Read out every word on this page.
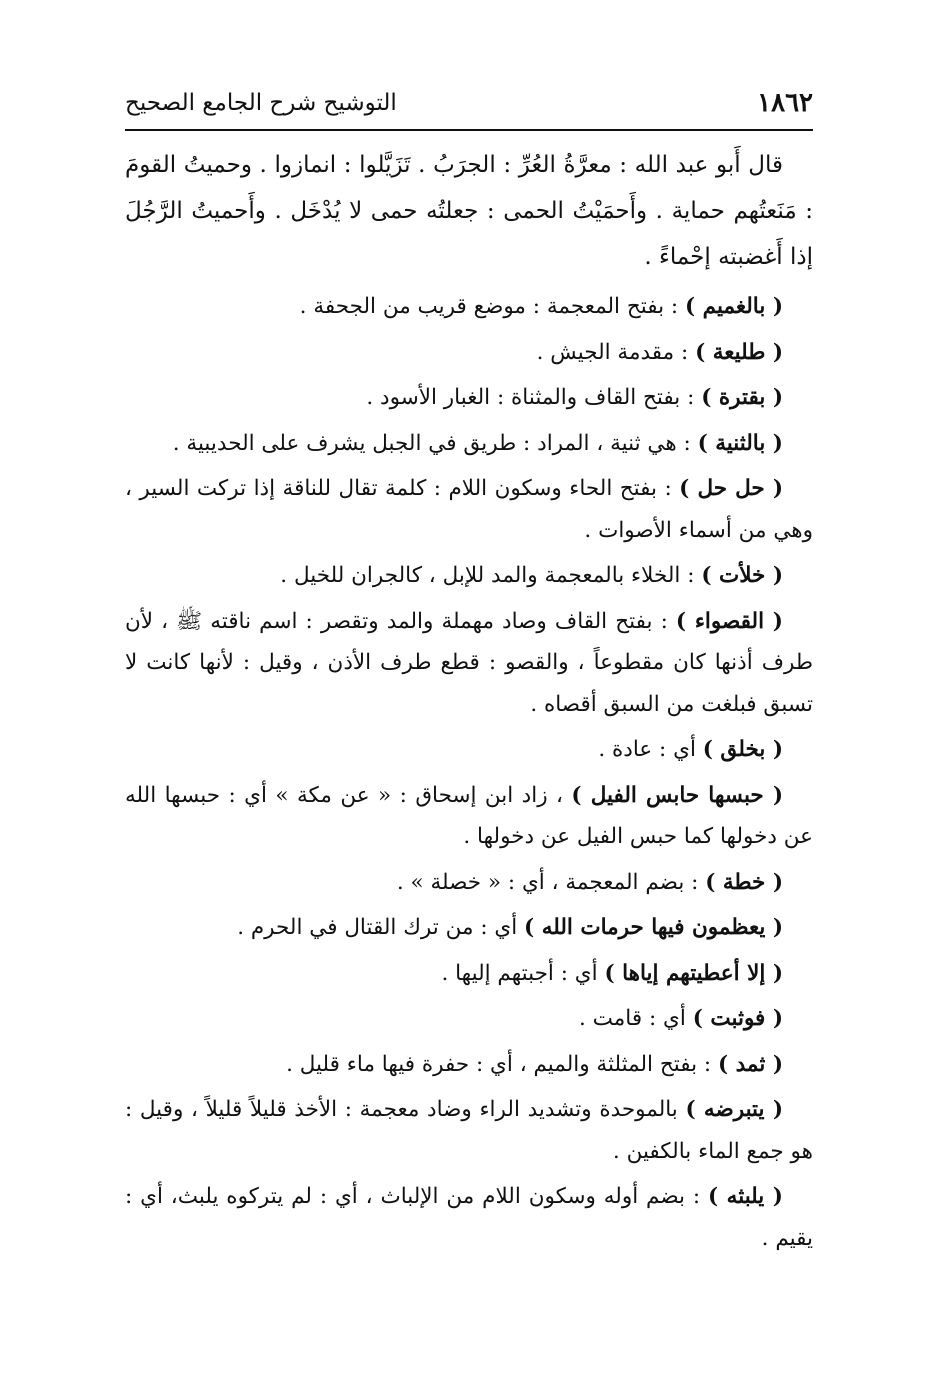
١٨٦٢
التوشيح شرح الجامع الصحيح

قال أَبو عبد الله : معرَّةُ العُرِّ : الجرَبُ . تَزَيَّلوا : انمازوا . وحميتُ القومَ : مَنَعتُهم حماية . وأَحمَيْتُ الحمى : جعلتُه حمى لا يُدْخَل . وأَحميتُ الرَّجُلَ إذا أَغضبته إحْماءً .

( بالغميم ) : بفتح المعجمة : موضع قريب من الجحفة .

( طليعة ) : مقدمة الجيش .

( بقترة ) : بفتح القاف والمثناة : الغبار الأسود .

( بالثنية ) : هي ثنية ، المراد : طريق في الجبل يشرف على الحديبية .

( حل حل ) : بفتح الحاء وسكون اللام : كلمة تقال للناقة إذا تركت السير ، وهي من أسماء الأصوات .

( خلأت ) : الخلاء بالمعجمة والمد للإبل ، كالجران للخيل .

( القصواء ) : بفتح القاف وصاد مهملة والمد وتقصر : اسم ناقته ﷺ ، لأن طرف أذنها كان مقطوعاً ، والقصو : قطع طرف الأذن ، وقيل : لأنها كانت لا تسبق فبلغت من السبق أقصاه .

( بخلق ) أي : عادة .

( حبسها حابس الفيل ) ، زاد ابن إسحاق : « عن مكة » أي : حبسها الله عن دخولها كما حبس الفيل عن دخولها .

( خطة ) : بضم المعجمة ، أي : « خصلة » .

( يعظمون فيها حرمات الله ) أي : من ترك القتال في الحرم .

( إلا أعطيتهم إياها ) أي : أجبتهم إليها .

( فوثبت ) أي : قامت .

( ثمد ) : بفتح المثلثة والميم ، أي : حفرة فيها ماء قليل .

( يتبرضه ) بالموحدة وتشديد الراء وضاد معجمة : الأخذ قليلاً قليلاً ، وقيل : هو جمع الماء بالكفين .

( يلبثه ) : بضم أوله وسكون اللام من الإلباث ، أي : لم يتركوه يلبث، أي : يقيم .
